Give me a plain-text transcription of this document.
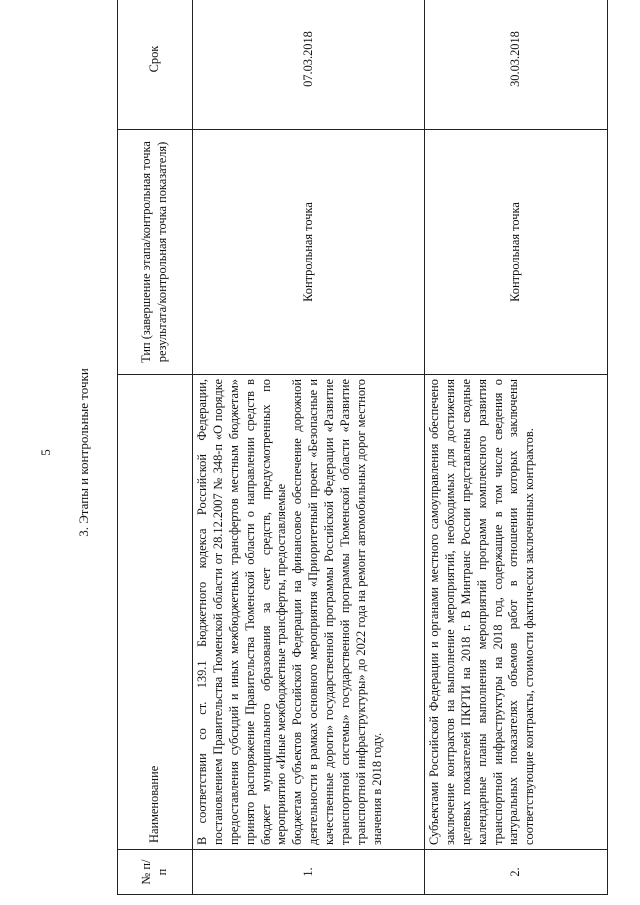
5 3. Этапы и контрольные точки
№ п/ п	Наименование	Тип (завершение этапа/контрольная точка результата/контрольная точка показателя)	Срок
1.	В соответствии со ст. 139.1 Бюджетного кодекса Российской Федерации, постановлением Правительства Тюменской области от 28.12.2007 № 348-п «О порядке предоставления субсидий и иных межбюджетных трансфертов местным бюджетам» принято распоряжение Правительства Тюменской области о направлении средств в бюджет муниципального образования за счет средств, предусмотренных по мероприятию «Иные межбюджетные трансферты, предоставляемые бюджетам субъектов Российской Федерации на финансовое обеспечение дорожной деятельности в рамках основного мероприятия «Приоритетный проект «Безопасные и качественные дороги» государственной программы Российской Федерации «Развитие транспортной системы» государственной программы Тюменской области «Развитие транспортной инфраструктуры» до 2022 года на ремонт автомобильных дорог местного значения в 2018 году.	Контрольная точка	07.03.2018
2.	Субъектами Российской Федерации и органами местного самоуправления обеспечено заключение контрактов на выполнение мероприятий, необходимых для достижения целевых показателей ПКРТИ на 2018 г. В Минтранс России представлены сводные календарные планы выполнения мероприятий программ комплексного развития транспортной инфраструктуры на 2018 год, содержащие в том числе сведения о натуральных показателях объемов работ в отношении которых заключены соответствующие контракты, стоимости фактически заключенных контрактов.	Контрольная точка	30.03.2018
